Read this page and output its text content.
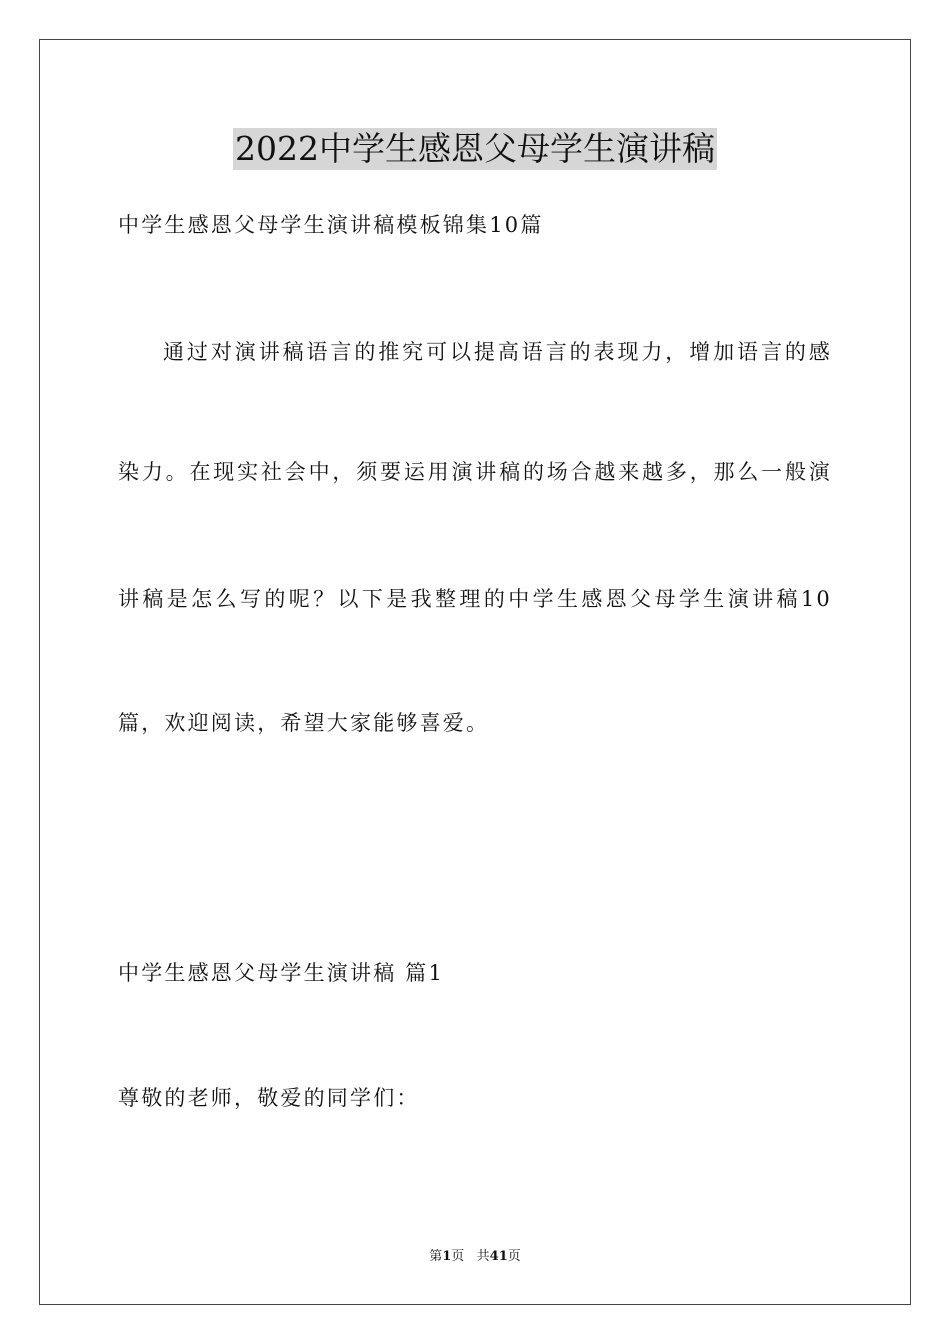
2022中学生感恩父母学生演讲稿
中学生感恩父母学生演讲稿模板锦集10篇
通过对演讲稿语言的推究可以提高语言的表现力，增加语言的感
染力。在现实社会中，须要运用演讲稿的场合越来越多，那么一般演
讲稿是怎么写的呢？以下是我整理的中学生感恩父母学生演讲稿10
篇，欢迎阅读，希望大家能够喜爱。
中学生感恩父母学生演讲稿 篇1
尊敬的老师，敬爱的同学们：
第1页   共41页
